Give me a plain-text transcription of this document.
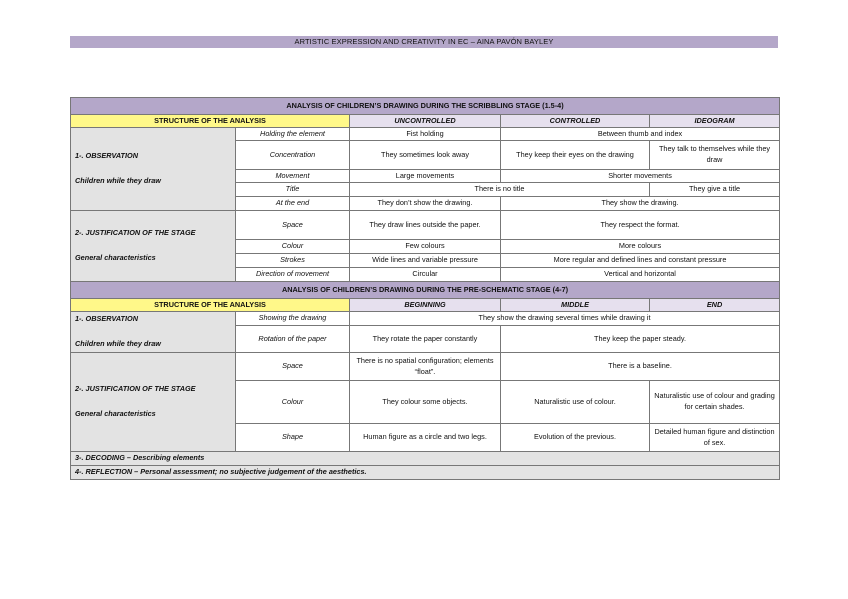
ARTISTIC EXPRESSION AND CREATIVITY IN EC – AINA PAVÓN BAYLEY
ANALYSIS OF CHILDREN’S DRAWING DURING THE SCRIBBLING STAGE (1.5-4)				
STRUCTURE OF THE ANALYSIS		UNCONTROLLED	CONTROLLED	IDEOGRAM

1-. OBSERVATION
Children while they draw	Holding the element	Fist holding	Between thumb and index	
	Concentration	They sometimes look away	They keep their eyes on the drawing	They talk to themselves while they draw
	Movement	Large movements	Shorter movements	
	Title	There is no title		They give a title
	At the end	They don’t show the drawing.	They show the drawing.	

2-. JUSTIFICATION OF THE STAGE
General characteristics	Space	They draw lines outside the paper.	They respect the format.	
	Colour	Few colours	More colours	
	Strokes	Wide lines and variable pressure	More regular and defined lines and constant pressure	
	Direction of movement	Circular	Vertical and horizontal	
ANALYSIS OF CHILDREN’S DRAWING DURING THE PRE-SCHEMATIC STAGE (4-7)				
STRUCTURE OF THE ANALYSIS		BEGINNING	MIDDLE	END

1-. OBSERVATION
Children while they draw	Showing the drawing	They show the drawing several times while drawing it		
	Rotation of the paper	They rotate the paper constantly	They keep the paper steady.	

2-. JUSTIFICATION OF THE STAGE
General characteristics	Space	There is no spatial configuration; elements “float”.	There is a baseline.	
	Colour	They colour some objects.	Naturalistic use of colour.	Naturalistic use of colour and grading for certain shades.
	Shape	Human figure as a circle and two legs.	Evolution of the previous.	Detailed human figure and distinction of sex.
3-. DECODING – Describing elements				
4-. REFLECTION – Personal assessment; no subjective judgement of the aesthetics.				
